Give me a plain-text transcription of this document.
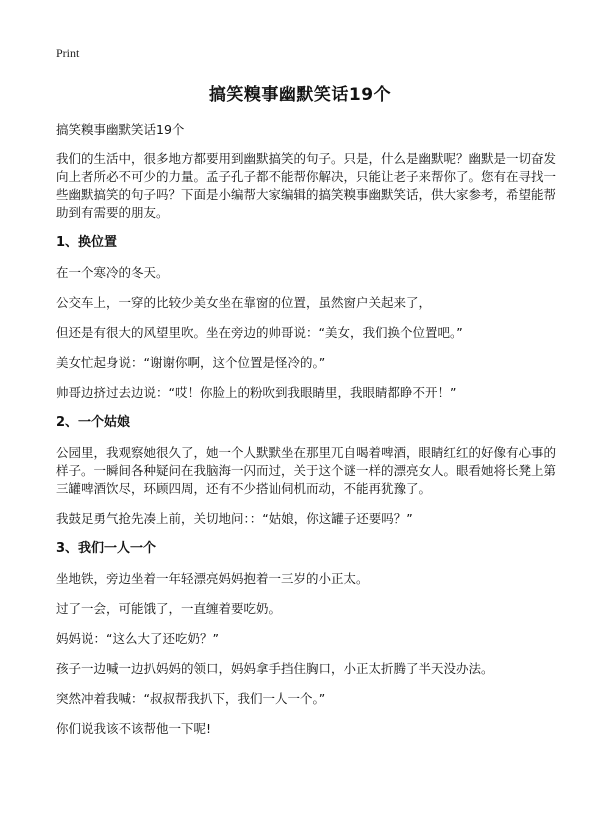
Print
搞笑糗事幽默笑话19个
搞笑糗事幽默笑话19个

我们的生活中，很多地方都要用到幽默搞笑的句子。只是，什么是幽默呢？幽默是一切奋发向上者所必不可少的力量。孟子孔子都不能帮你解决，只能让老子来帮你了。您有在寻找一些幽默搞笑的句子吗？下面是小编帮大家编辑的搞笑糗事幽默笑话，供大家参考，希望能帮助到有需要的朋友。

1、换位置

在一个寒冷的冬天。

公交车上，一穿的比较少美女坐在靠窗的位置，虽然窗户关起来了，

但还是有很大的风望里吹。坐在旁边的帅哥说：“美女，我们换个位置吧。”

美女忙起身说：“谢谢你啊，这个位置是怪冷的。”

帅哥边挤过去边说：“哎！你脸上的粉吹到我眼睛里，我眼睛都睁不开！”

2、一个姑娘

公园里，我观察她很久了，她一个人默默坐在那里兀自喝着啤酒，眼睛红红的好像有心事的样子。一瞬间各种疑问在我脑海一闪而过，关于这个谜一样的漂亮女人。眼看她将长凳上第三罐啤酒饮尽，环顾四周，还有不少搭讪伺机而动，不能再犹豫了。

我鼓足勇气抢先凑上前，关切地问：：“姑娘，你这罐子还要吗？”

3、我们一人一个

坐地铁，旁边坐着一年轻漂亮妈妈抱着一三岁的小正太。

过了一会，可能饿了，一直缠着要吃奶。

妈妈说：“这么大了还吃奶？”

孩子一边喊一边扒妈妈的领口，妈妈拿手挡住胸口，小正太折腾了半天没办法。

突然冲着我喊：“叔叔帮我扒下，我们一人一个。”

你们说我该不该帮他一下呢!
